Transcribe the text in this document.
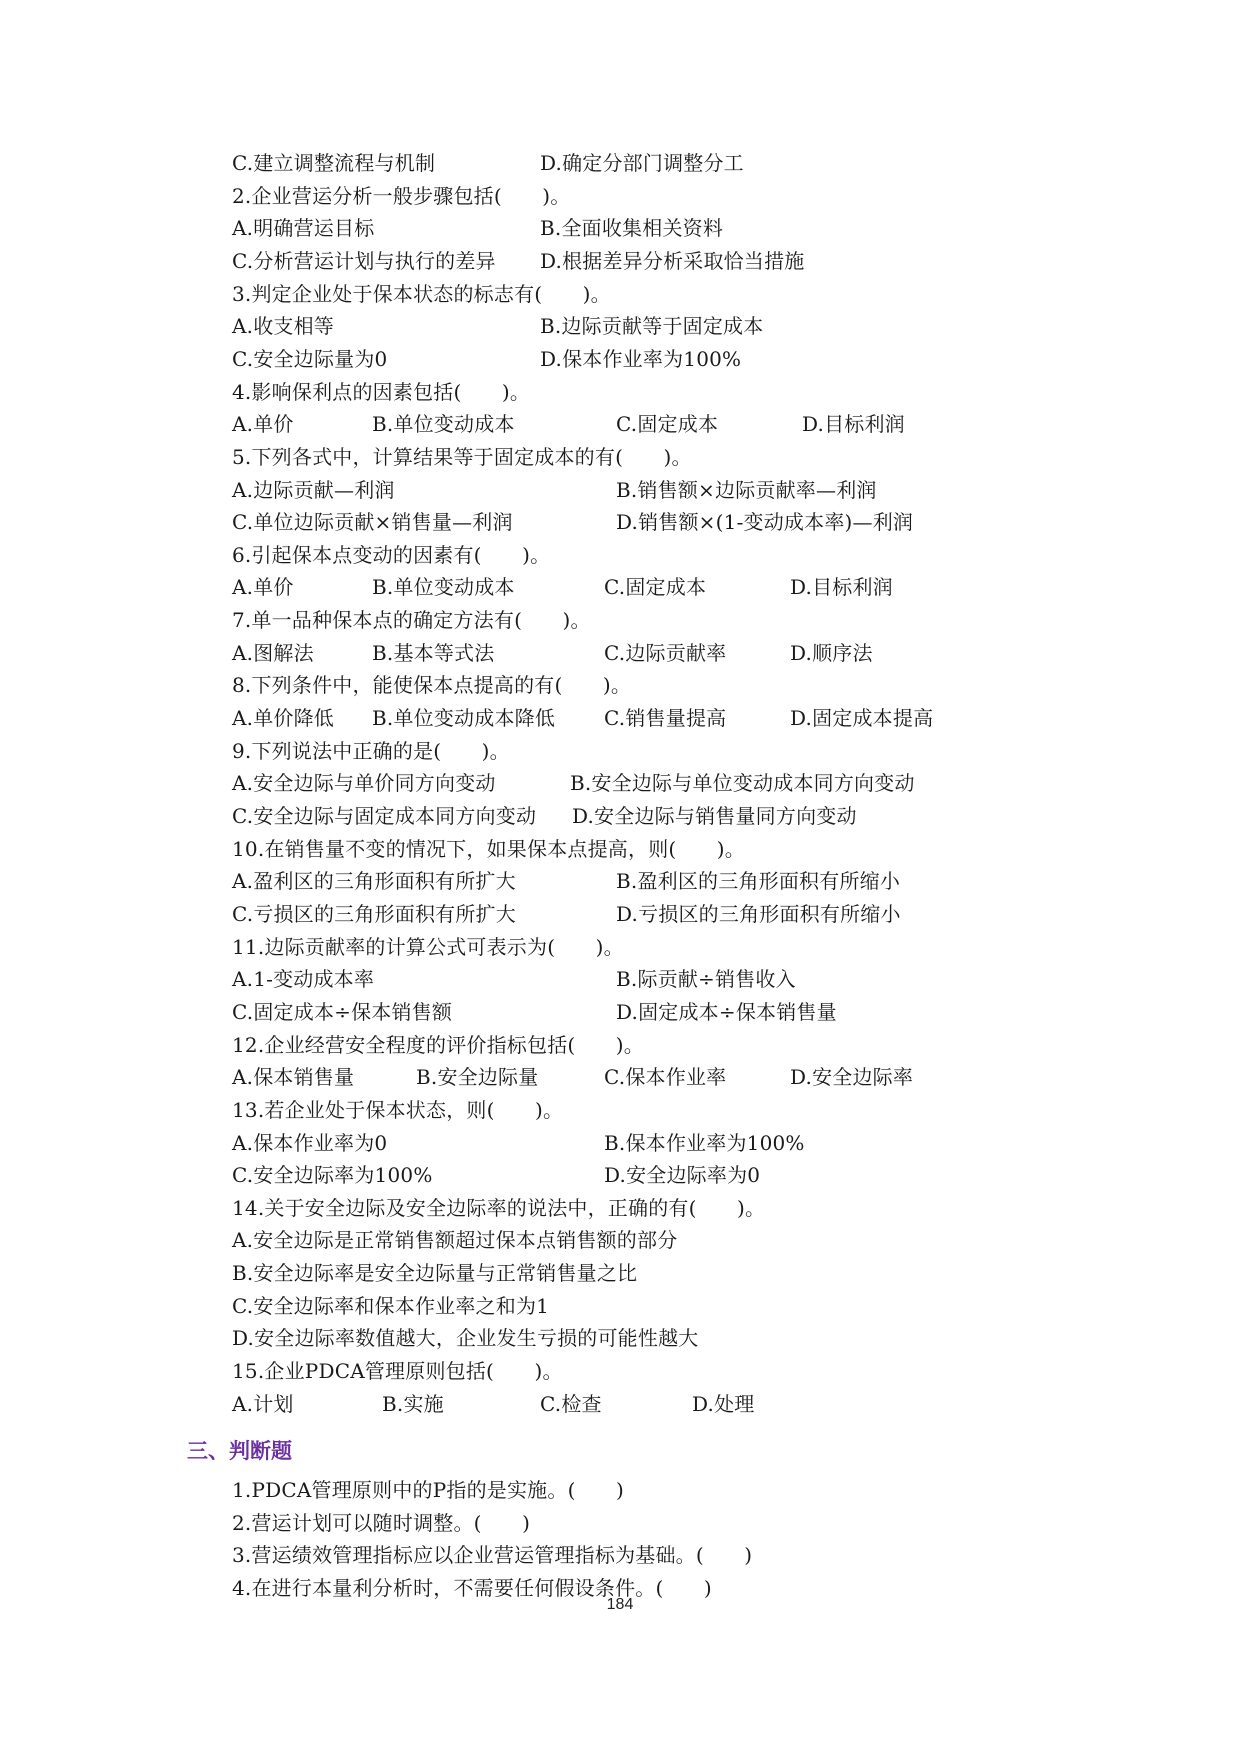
C.建立调整流程与机制	D.确定分部门调整分工
2.企业营运分析一般步骤包括(　　)。
A.明确营运目标	B.全面收集相关资料
C.分析营运计划与执行的差异 D.根据差异分析采取恰当措施
3.判定企业处于保本状态的标志有(　　)。
A.收支相等	B.边际贡献等于固定成本
C.安全边际量为0	D.保本作业率为100%
4.影响保利点的因素包括(　　)。
A.单价	B.单位变动成本	C.固定成本	D.目标利润
5.下列各式中，计算结果等于固定成本的有(　　)。
A.边际贡献—利润	B.销售额×边际贡献率—利润
C.单位边际贡献×销售量—利润	D.销售额×(1-变动成本率)—利润
6.引起保本点变动的因素有(　　)。
A.单价	B.单位变动成本	C.固定成本	D.目标利润
7.单一品种保本点的确定方法有(　　)。
A.图解法	B.基本等式法	C.边际贡献率	D.顺序法
8.下列条件中，能使保本点提高的有(　　)。
A.单价降低 B.单位变动成本降低 C.销售量提高	D.固定成本提高
9.下列说法中正确的是(　　)。
A.安全边际与单价同方向变动	B.安全边际与单位变动成本同方向变动
C.安全边际与固定成本同方向变动 D.安全边际与销售量同方向变动
10.在销售量不变的情况下，如果保本点提高，则(　　)。
A.盈利区的三角形面积有所扩大	B.盈利区的三角形面积有所缩小
C.亏损区的三角形面积有所扩大	D.亏损区的三角形面积有所缩小
11.边际贡献率的计算公式可表示为(　　)。
A.1-变动成本率	B.际贡献÷销售收入
C.固定成本÷保本销售额	D.固定成本÷保本销售量
12.企业经营安全程度的评价指标包括(　　)。
A.保本销售量	B.安全边际量	C.保本作业率	D.安全边际率
13.若企业处于保本状态，则(　　)。
A.保本作业率为0	B.保本作业率为100%
C.安全边际率为100%	D.安全边际率为0
14.关于安全边际及安全边际率的说法中，正确的有(　　)。
A.安全边际是正常销售额超过保本点销售额的部分
B.安全边际率是安全边际量与正常销售量之比
C.安全边际率和保本作业率之和为1
D.安全边际率数值越大，企业发生亏损的可能性越大
15.企业PDCA管理原则包括(　　)。
A.计划	B.实施	C.检查	D.处理
三、判断题
1.PDCA管理原则中的P指的是实施。(　　)
2.营运计划可以随时调整。(　　)
3.营运绩效管理指标应以企业营运管理指标为基础。(　　)
4.在进行本量利分析时，不需要任何假设条件。(　　)
184
